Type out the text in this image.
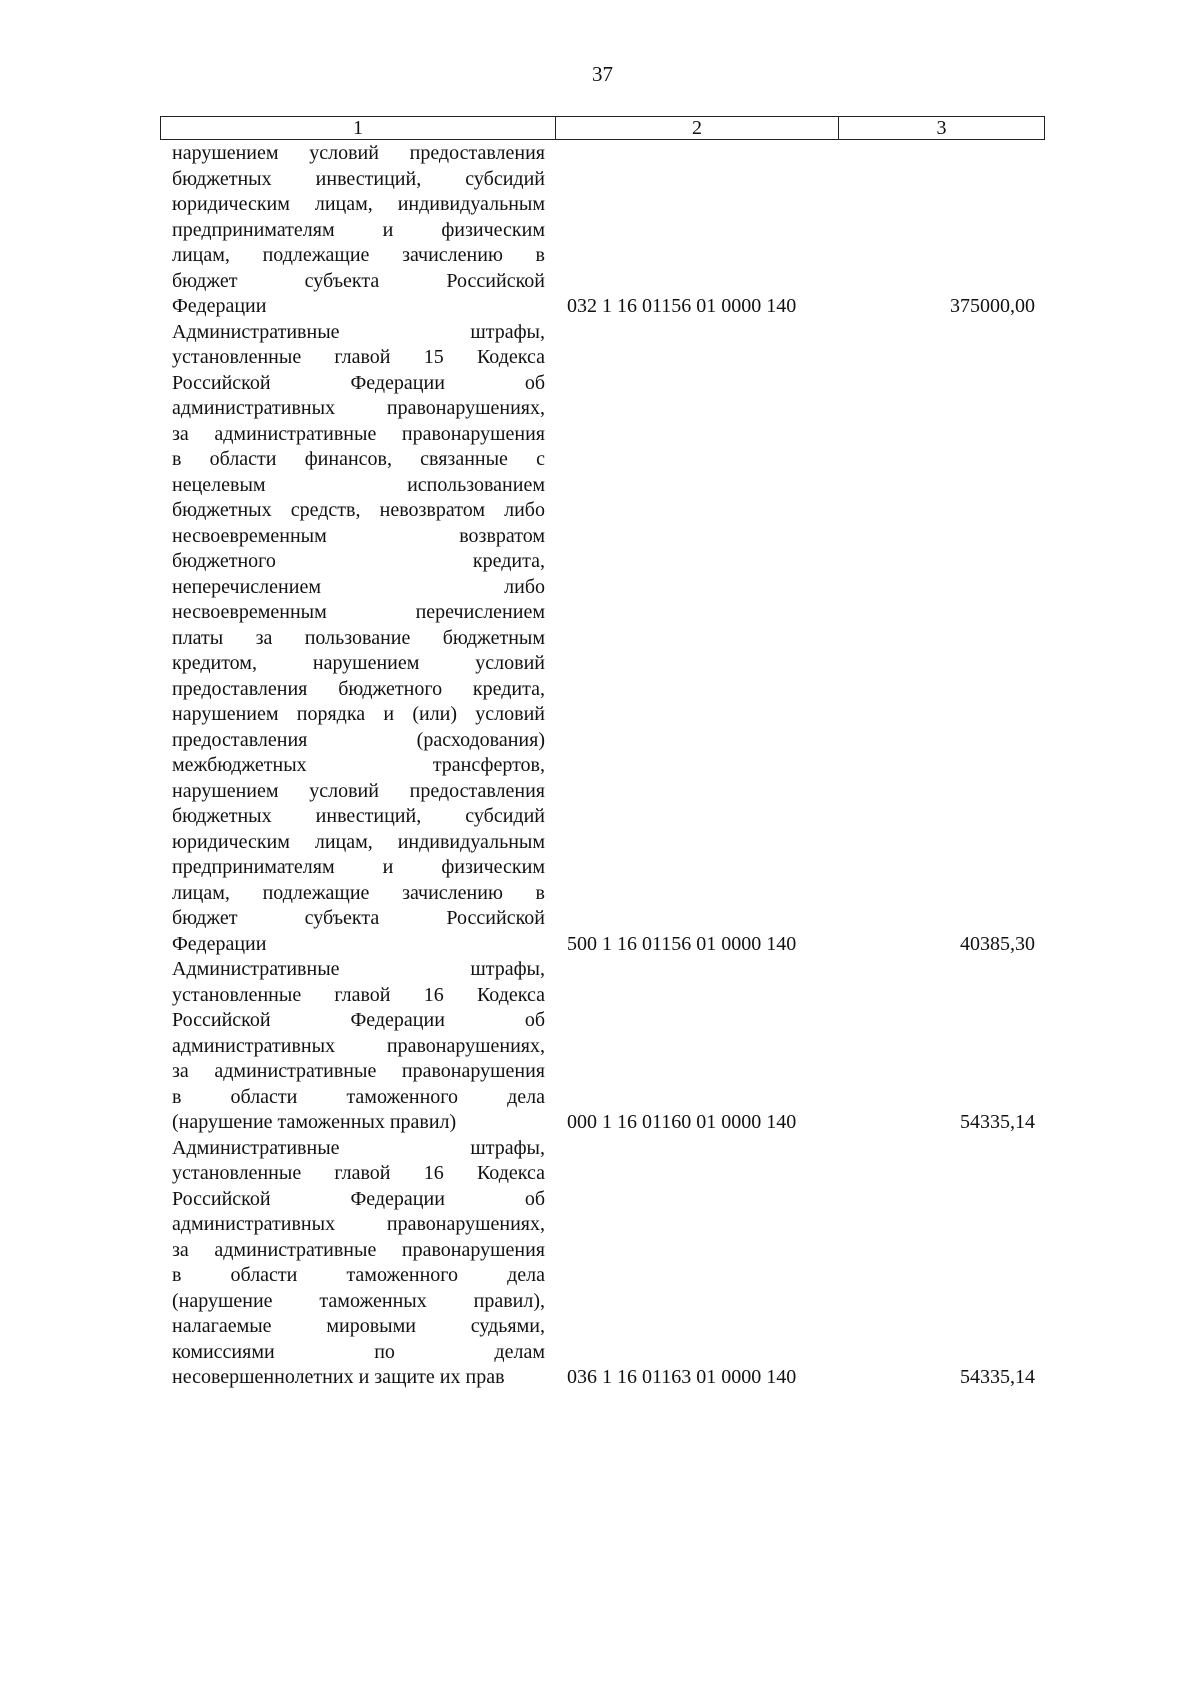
37
1	2	3
нарушением условий предоставления
бюджетных инвестиций, субсидий
юридическим лицам, индивидуальным
предпринимателям и физическим
лицам, подлежащие зачислению в
бюджет субъекта Российской
Федерации	032 1 16 01156 01 0000 140	375000,00
Административные штрафы,
установленные главой 15 Кодекса
Российской Федерации об
административных правонарушениях,
за административные правонарушения
в области финансов, связанные с
нецелевым использованием
бюджетных средств, невозвратом либо
несвоевременным возвратом
бюджетного кредита,
неперечислением либо
несвоевременным перечислением
платы за пользование бюджетным
кредитом, нарушением условий
предоставления бюджетного кредита,
нарушением порядка и (или) условий
предоставления (расходования)
межбюджетных трансфертов,
нарушением условий предоставления
бюджетных инвестиций, субсидий
юридическим лицам, индивидуальным
предпринимателям и физическим
лицам, подлежащие зачислению в
бюджет субъекта Российской
Федерации	500 1 16 01156 01 0000 140	40385,30
Административные штрафы,
установленные главой 16 Кодекса
Российской Федерации об
административных правонарушениях,
за административные правонарушения
в области таможенного дела
(нарушение таможенных правил)	000 1 16 01160 01 0000 140	54335,14
Административные штрафы,
установленные главой 16 Кодекса
Российской Федерации об
административных правонарушениях,
за административные правонарушения
в области таможенного дела
(нарушение таможенных правил),
налагаемые мировыми судьями,
комиссиями по делам
несовершеннолетних и защите их прав	036 1 16 01163 01 0000 140	54335,14
